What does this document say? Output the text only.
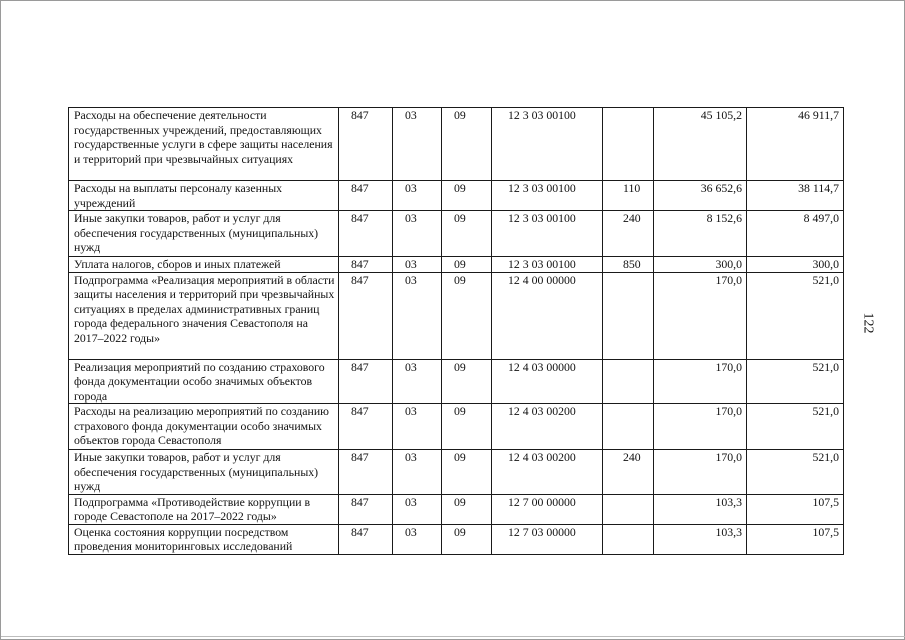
Расходы на обеспечение деятельности государственных учреждений, предоставляющих государственные услуги в сфере защиты населения и территорий при чрезвычайных ситуациях	847	03	09	12 3 03 00100		45 105,2	46 911,7
Расходы на выплаты персоналу казенных учреждений	847	03	09	12 3 03 00100	110	36 652,6	38 114,7
Иные закупки товаров, работ и услуг для обеспечения государственных (муниципальных) нужд	847	03	09	12 3 03 00100	240	8 152,6	8 497,0
Уплата налогов, сборов и иных платежей	847	03	09	12 3 03 00100	850	300,0	300,0
Подпрограмма «Реализация мероприятий в области защиты населения и территорий при чрезвычайных ситуациях в пределах административных границ города федерального значения Севастополя на 2017–2022 годы»	847	03	09	12 4 00 00000		170,0	521,0
Реализация мероприятий по созданию страхового фонда документации особо значимых объектов города	847	03	09	12 4 03 00000		170,0	521,0
Расходы на реализацию мероприятий по созданию страхового фонда документации особо значимых объектов города Севастополя	847	03	09	12 4 03 00200		170,0	521,0
Иные закупки товаров, работ и услуг для обеспечения государственных (муниципальных) нужд	847	03	09	12 4 03 00200	240	170,0	521,0
Подпрограмма «Противодействие коррупции в городе Севастополе на 2017–2022 годы»	847	03	09	12 7 00 00000		103,3	107,5
Оценка состояния коррупции посредством проведения мониторинговых исследований	847	03	09	12 7 03 00000		103,3	107,5
122
